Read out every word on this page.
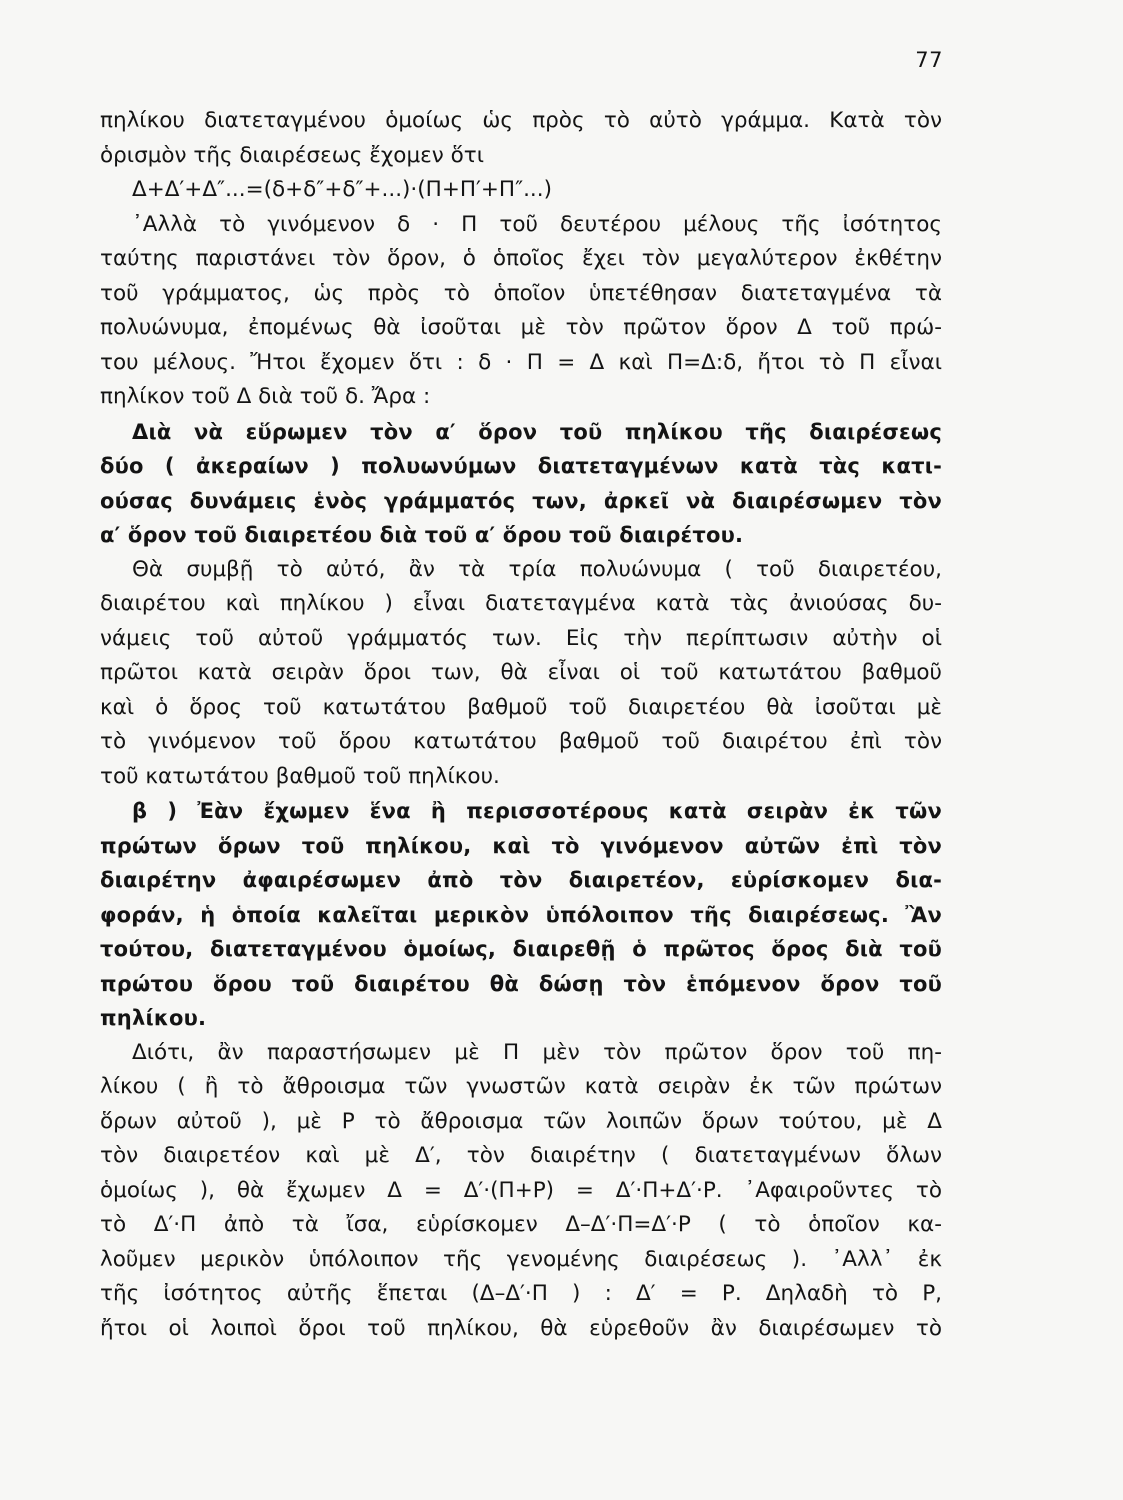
77
πηλίκου διατεταγμένου ὁμοίως ὡς πρὸς τὸ αὐτὸ γράμμα. Κατὰ τὸν
ὁρισμὸν τῆς διαιρέσεως ἔχομεν ὅτι
Δ+Δ′+Δ″...=(δ+δ″+δ″+...)·(Π+Π′+Π″...)
᾿Αλλὰ τὸ γινόμενον δ · Π τοῦ δευτέρου μέλους τῆς ἰσότητος
ταύτης παριστάνει τὸν ὅρον, ὁ ὁποῖος ἔχει τὸν μεγαλύτερον ἐκθέτην
τοῦ γράμματος, ὡς πρὸς τὸ ὁποῖον ὑπετέθησαν διατεταγμένα τὰ
πολυώνυμα, ἐπομένως θὰ ἰσοῦται μὲ τὸν πρῶτον ὅρον Δ τοῦ πρώ-
του μέλους. Ἤτοι ἔχομεν ὅτι : δ · Π = Δ καὶ Π=Δ:δ, ἤτοι τὸ Π εἶναι
πηλίκον τοῦ Δ διὰ τοῦ δ. Ἄρα :
Διὰ νὰ εὕρωμεν τὸν α′ ὅρον τοῦ πηλίκου τῆς διαιρέσεως
δύο ( ἀκεραίων ) πολυωνύμων διατεταγμένων κατὰ τὰς κατι-
ούσας δυνάμεις ἑνὸς γράμματός των, ἀρκεῖ νὰ διαιρέσωμεν τὸν
α′ ὅρον τοῦ διαιρετέου διὰ τοῦ α′ ὅρου τοῦ διαιρέτου.
Θὰ συμβῇ τὸ αὐτό, ἂν τὰ τρία πολυώνυμα ( τοῦ διαιρετέου,
διαιρέτου καὶ πηλίκου ) εἶναι διατεταγμένα κατὰ τὰς ἀνιούσας δυ-
νάμεις τοῦ αὐτοῦ γράμματός των. Εἰς τὴν περίπτωσιν αὐτὴν οἱ
πρῶτοι κατὰ σειρὰν ὅροι των, θὰ εἶναι οἱ τοῦ κατωτάτου βαθμοῦ
καὶ ὁ ὅρος τοῦ κατωτάτου βαθμοῦ τοῦ διαιρετέου θὰ ἰσοῦται μὲ
τὸ γινόμενον τοῦ ὅρου κατωτάτου βαθμοῦ τοῦ διαιρέτου ἐπὶ τὸν
τοῦ κατωτάτου βαθμοῦ τοῦ πηλίκου.
β ) Ἐὰν ἔχωμεν ἕνα ἢ περισσοτέρους κατὰ σειρὰν ἐκ τῶν
πρώτων ὅρων τοῦ πηλίκου, καὶ τὸ γινόμενον αὐτῶν ἐπὶ τὸν
διαιρέτην ἀφαιρέσωμεν ἀπὸ τὸν διαιρετέον, εὑρίσκομεν δια-
φοράν, ἡ ὁποία καλεῖται μερικὸν ὑπόλοιπον τῆς διαιρέσεως. Ἂν
τούτου, διατεταγμένου ὁμοίως, διαιρεθῇ ὁ πρῶτος ὅρος διὰ τοῦ
πρώτου ὅρου τοῦ διαιρέτου θὰ δώσῃ τὸν ἑπόμενον ὅρον τοῦ
πηλίκου.
Διότι, ἂν παραστήσωμεν μὲ Π μὲν τὸν πρῶτον ὅρον τοῦ πη-
λίκου ( ἢ τὸ ἄθροισμα τῶν γνωστῶν κατὰ σειρὰν ἐκ τῶν πρώτων
ὅρων αὐτοῦ ), μὲ Ρ τὸ ἄθροισμα τῶν λοιπῶν ὅρων τούτου, μὲ Δ
τὸν διαιρετέον καὶ μὲ Δ′, τὸν διαιρέτην ( διατεταγμένων ὅλων
ὁμοίως ), θὰ ἔχωμεν Δ = Δ′·(Π+Ρ) = Δ′·Π+Δ′·Ρ. ᾿Αφαιροῦντες τὸ
τὸ Δ′·Π ἀπὸ τὰ ἴσα, εὑρίσκομεν Δ–Δ′·Π=Δ′·Ρ ( τὸ ὁποῖον κα-
λοῦμεν μερικὸν ὑπόλοιπον τῆς γενομένης διαιρέσεως ). ᾿Αλλ᾿ ἐκ
τῆς ἰσότητος αὐτῆς ἕπεται (Δ–Δ′·Π ) : Δ′ = Ρ. Δηλαδὴ τὸ Ρ,
ἤτοι οἱ λοιποὶ ὅροι τοῦ πηλίκου, θὰ εὑρεθοῦν ἂν διαιρέσωμεν τὸ
